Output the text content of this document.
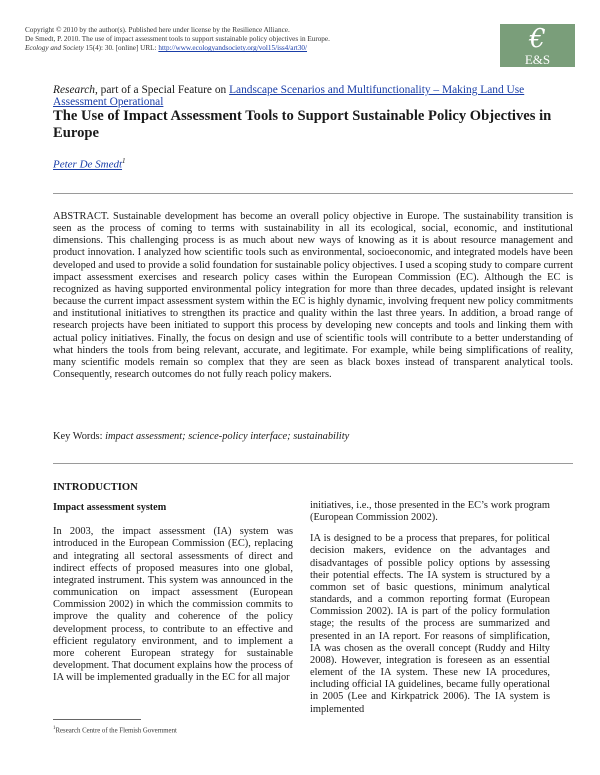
Copyright © 2010 by the author(s). Published here under license by the Resilience Alliance.
De Smedt, P. 2010. The use of impact assessment tools to support sustainable policy objectives in Europe.
Ecology and Society 15(4): 30. [online] URL: http://www.ecologyandsociety.org/vol15/iss4/art30/	€
E&S
Research, part of a Special Feature on Landscape Scenarios and Multifunctionality – Making Land Use Assessment Operational
The Use of Impact Assessment Tools to Support Sustainable Policy Objectives in Europe
Peter De Smedt$^1$

ABSTRACT. Sustainable development has become an overall policy objective in Europe. The sustainability transition is seen as the process of coming to terms with sustainability in all its ecological, social, economic, and institutional dimensions. This challenging process is as much about new ways of knowing as it is about resource management and product innovation. I analyzed how scientific tools such as environmental, socioeconomic, and integrated models have been developed and used to provide a solid foundation for sustainable policy objectives. I used a scoping study to compare current impact assessment exercises and research policy cases within the European Commission (EC). Although the EC is recognized as having supported environmental policy integration for more than three decades, updated insight is relevant because the current impact assessment system within the EC is highly dynamic, involving frequent new policy commitments and institutional initiatives to strengthen its practice and quality within the last three years. In addition, a broad range of research projects have been initiated to support this process by developing new concepts and tools and linking them with actual policy initiatives. Finally, the focus on design and use of scientific tools will contribute to a better understanding of what hinders the tools from being relevant, accurate, and legitimate. For example, while being simplifications of reality, many scientific models remain so complex that they are seen as black boxes instead of transparent analytical tools. Consequently, research outcomes do not fully reach policy makers.

Key Words: impact assessment; science-policy interface; sustainability
INTRODUCTION
Impact assessment system

In 2003, the impact assessment (IA) system was introduced in the European Commission (EC), replacing and integrating all sectoral assessments of direct and indirect effects of proposed measures into one global, integrated instrument. This system was announced in the communication on impact assessment (European Commission 2002) in which the commission commits to improve the quality and coherence of the policy development process, to contribute to an effective and efficient regulatory environment, and to implement a more coherent European strategy for sustainable development. That document explains how the process of IA will be implemented gradually in the EC for all major

initiatives, i.e., those presented in the EC’s work program (European Commission 2002).

IA is designed to be a process that prepares, for political decision makers, evidence on the advantages and disadvantages of possible policy options by assessing their potential effects. The IA system is structured by a common set of basic questions, minimum analytical standards, and a common reporting format (European Commission 2002). IA is part of the policy formulation stage; the results of the process are summarized and presented in an IA report. For reasons of simplification, IA was chosen as the overall concept (Ruddy and Hilty 2008). However, integration is foreseen as an essential element of the IA system. These new IA procedures, including official IA guidelines, became fully operational in 2005 (Lee and Kirkpatrick 2006). The IA system is implemented

$^1$Research Centre of the Flemish Government
